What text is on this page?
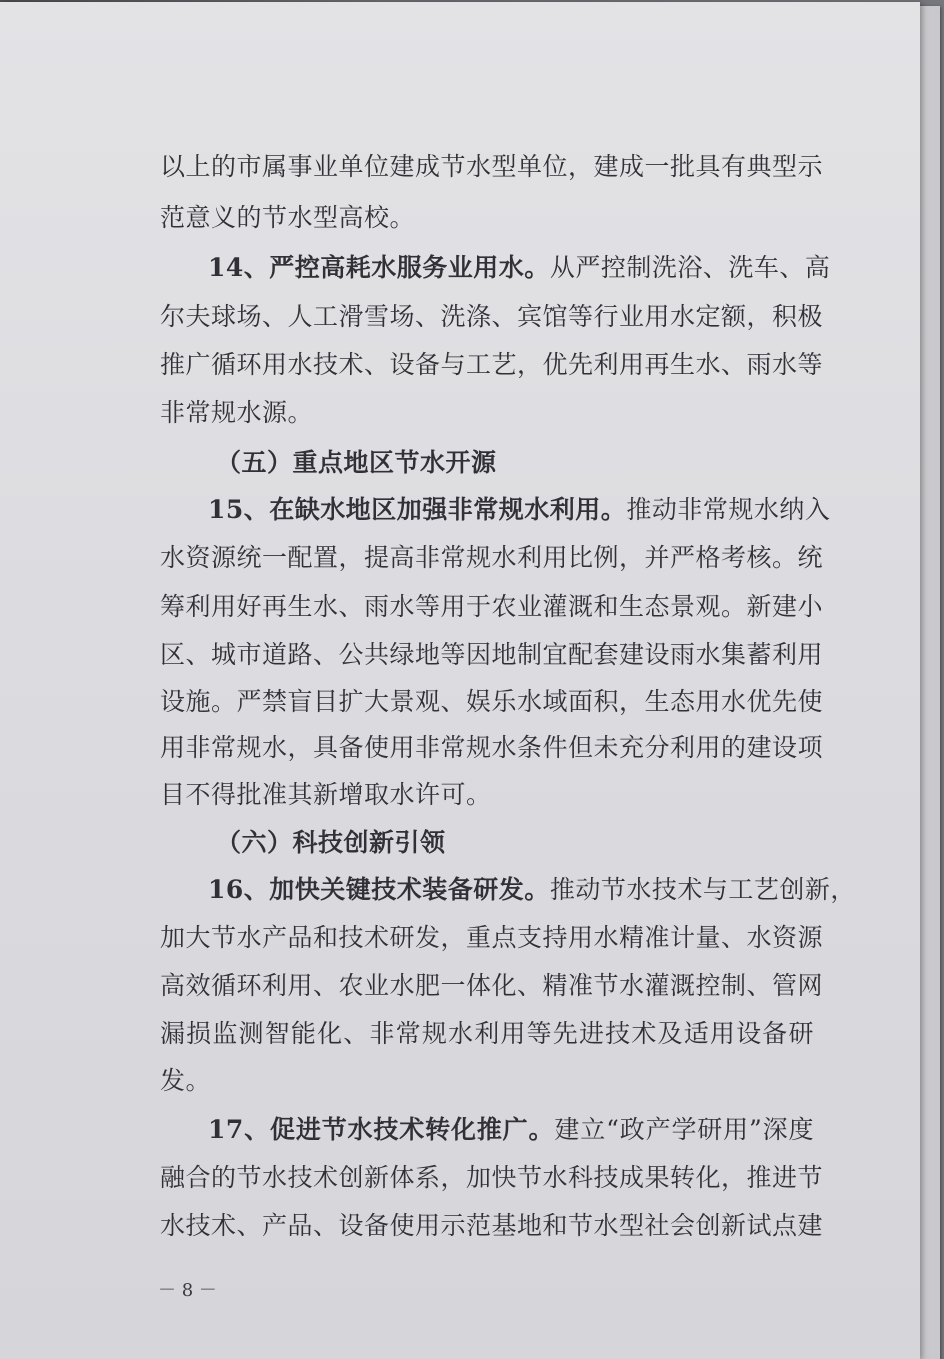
以上的市属事业单位建成节水型单位，建成一批具有典型示
范意义的节水型高校。
14、严控高耗水服务业用水。从严控制洗浴、洗车、高
尔夫球场、人工滑雪场、洗涤、宾馆等行业用水定额，积极
推广循环用水技术、设备与工艺，优先利用再生水、雨水等
非常规水源。
（五）重点地区节水开源
15、在缺水地区加强非常规水利用。推动非常规水纳入
水资源统一配置，提高非常规水利用比例，并严格考核。统
筹利用好再生水、雨水等用于农业灌溉和生态景观。新建小
区、城市道路、公共绿地等因地制宜配套建设雨水集蓄利用
设施。严禁盲目扩大景观、娱乐水域面积，生态用水优先使
用非常规水，具备使用非常规水条件但未充分利用的建设项
目不得批准其新增取水许可。
（六）科技创新引领
16、加快关键技术装备研发。推动节水技术与工艺创新，
加大节水产品和技术研发，重点支持用水精准计量、水资源
高效循环利用、农业水肥一体化、精准节水灌溉控制、管网
漏损监测智能化、非常规水利用等先进技术及适用设备研
发。
17、促进节水技术转化推广。建立“政产学研用”深度
融合的节水技术创新体系，加快节水科技成果转化，推进节
水技术、产品、设备使用示范基地和节水型社会创新试点建
－ 8 －
